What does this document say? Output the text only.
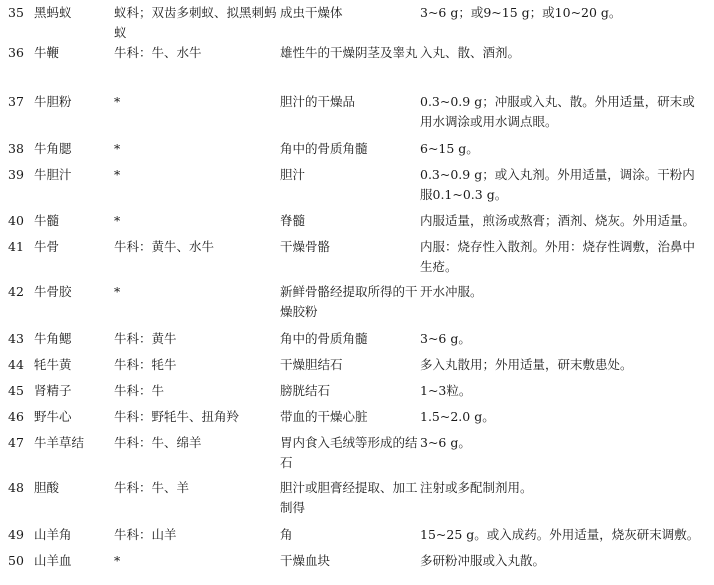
35	黑蚂蚁	蚁科；双齿多刺蚁、拟黑刺蚂蚁	成虫干燥体	3~6 g；或9~15 g；或10~20 g。
36	牛鞭	牛科：牛、水牛	雄性牛的干燥阴茎及睾丸	入丸、散、酒剂。
37	牛胆粉	*	胆汁的干燥品	0.3~0.9 g；冲服或入丸、散。外用适量，研末或用水调涂或用水调点眼。
38	牛角腮	*	角中的骨质角髓	6~15 g。
39	牛胆汁	*	胆汁	0.3~0.9 g；或入丸剂。外用适量，调涂。干粉内服0.1~0.3 g。
40	牛髓	*	脊髓	内服适量，煎汤或熬膏；酒剂、烧灰。外用适量。
41	牛骨	牛科：黄牛、水牛	干燥骨骼	内服：烧存性入散剂。外用：烧存性调敷，治鼻中生疮。
42	牛骨胶	*	新鲜骨骼经提取所得的干燥胶粉	开水冲服。
43	牛角鳃	牛科：黄牛	角中的骨质角髓	3~6 g。
44	牦牛黄	牛科：牦牛	干燥胆结石	多入丸散用；外用适量，研末敷患处。
45	肾精子	牛科：牛	膀胱结石	1~3粒。
46	野牛心	牛科：野牦牛、扭角羚	带血的干燥心脏	1.5~2.0 g。
47	牛羊草结	牛科：牛、绵羊	胃内食入毛绒等形成的结石	3~6 g。
48	胆酸	牛科：牛、羊	胆汁或胆膏经提取、加工制得	注射或多配制剂用。
49	山羊角	牛科：山羊	角	15~25 g。或入成药。外用适量，烧灰研末调敷。
50	山羊血	*	干燥血块	多研粉冲服或入丸散。
